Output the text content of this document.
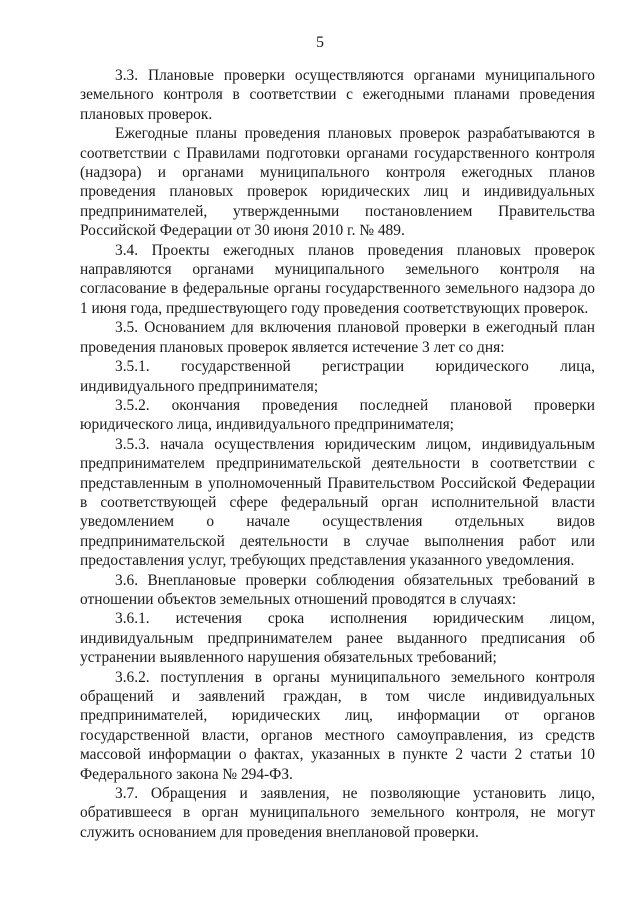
5

3.3. Плановые проверки осуществляются органами муниципального земельного контроля в соответствии с ежегодными планами проведения плановых проверок.

Ежегодные планы проведения плановых проверок разрабатываются в соответствии с Правилами подготовки органами государственного контроля (надзора) и органами муниципального контроля ежегодных планов проведения плановых проверок юридических лиц и индивидуальных предпринимателей, утвержденными постановлением Правительства Российской Федерации от 30 июня 2010 г. № 489.

3.4. Проекты ежегодных планов проведения плановых проверок направляются органами муниципального земельного контроля на согласование в федеральные органы государственного земельного надзора до 1 июня года, предшествующего году проведения соответствующих проверок.

3.5. Основанием для включения плановой проверки в ежегодный план проведения плановых проверок является истечение 3 лет со дня:

3.5.1. государственной регистрации юридического лица, индивидуального предпринимателя;

3.5.2. окончания проведения последней плановой проверки юридического лица, индивидуального предпринимателя;

3.5.3. начала осуществления юридическим лицом, индивидуальным предпринимателем предпринимательской деятельности в соответствии с представленным в уполномоченный Правительством Российской Федерации в соответствующей сфере федеральный орган исполнительной власти уведомлением о начале осуществления отдельных видов предпринимательской деятельности в случае выполнения работ или предоставления услуг, требующих представления указанного уведомления.

3.6. Внеплановые проверки соблюдения обязательных требований в отношении объектов земельных отношений проводятся в случаях:

3.6.1. истечения срока исполнения юридическим лицом, индивидуальным предпринимателем ранее выданного предписания об устранении выявленного нарушения обязательных требований;

3.6.2. поступления в органы муниципального земельного контроля обращений и заявлений граждан, в том числе индивидуальных предпринимателей, юридических лиц, информации от органов государственной власти, органов местного самоуправления, из средств массовой информации о фактах, указанных в пункте 2 части 2 статьи 10 Федерального закона № 294-ФЗ.

3.7. Обращения и заявления, не позволяющие установить лицо, обратившееся в орган муниципального земельного контроля, не могут служить основанием для проведения внеплановой проверки.
